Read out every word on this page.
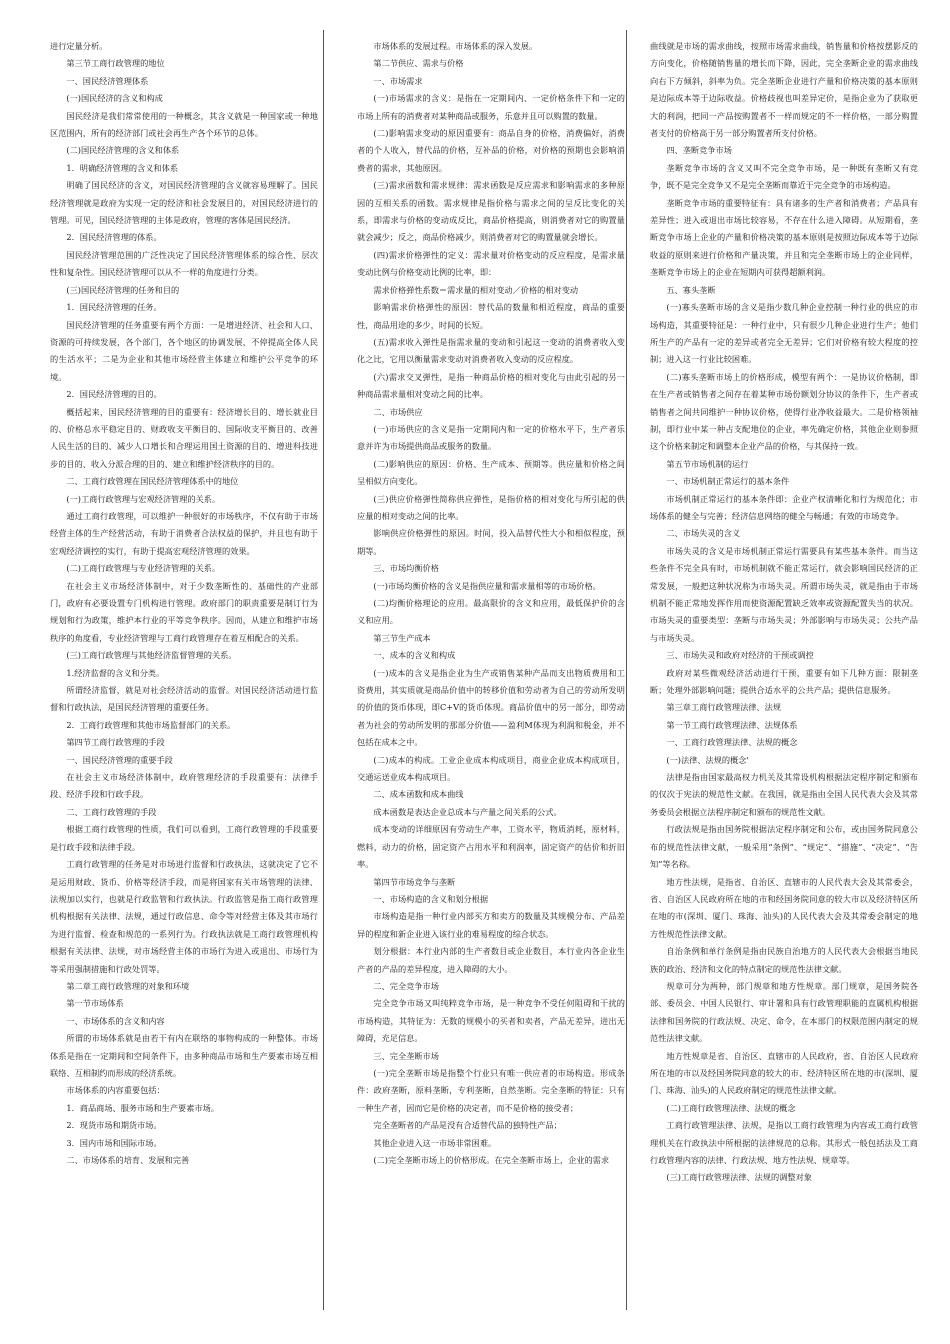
进行定量分析。

第三节工商行政管理的地位

一、国民经济管理体系

(一)国民经济的含义和构成

国民经济是我们常常使用的一种概念，其含义就是一种国家或一种地区范围内，所有的经济部门或社会再生产各个环节的总体。

(二)国民经济管理的含义和体系

1．明确经济管理的含义和体系

明确了国民经济的含义，对国民经济管理的含义就容易理解了。国民经济管理就是政府为实现一定的经济和社会发展目的，对国民经济进行的管理。可见，国民经济管理的主体是政府，管理的客体是国民经济。

2．国民经济管理的体系。

国民经济管理范围的广泛性决定了国民经济管理体系的综合性、层次性和复杂性。国民经济管理可以从不一样的角度进行分类。

(三)国民经济管理的任务和目的

1．国民经济管理的任务。

国民经济管理的任务重要有两个方面：一是增进经济、社会和人口、资源的可持续发展，各个部门，各个地区的协调发展，不停提高全体人民的生活水平；二是为企业和其他市场经营主体建立和维护公平竞争的环境。

2．国民经济管理的目的。

概括起来，国民经济管理的目的重要有：经济增长目的、增长就业目的、价格总水平稳定目的、财政收支平衡目的、国际收支平衡目的、改善人民生活的目的、减少人口增长和合理运用国土资源的目的、增进科技进步的目的、收入分派合理的目的、建立和维护经济秩序的目的。

二、工商行政管理在国民经济管理体系中的地位

(一)工商行政管理与宏观经济管理的关系。

通过工商行政管理，可以维护一种很好的市场秩序，不仅有助于市场经营主体的生产经营活动，有助于消费者合法权益的保护，并且也有助于宏观经济调控的实行，有助于提高宏观经济管理的效果。

(二)工商行政管理与专业经济管理的关系。

在社会主义市场经济体制中，对于少数垄断性的、基础性的产业部门，政府有必要设置专门机构进行管理。政府部门的职责重要是制订行为规划和行为政策，维护本行业的平等竞争秩序。因而，从建立和维护市场秩序的角度看，专业经济管理与工商行政管理存在着互相配合的关系。

(三)工商行政管理与其他经济监督管理的关系。

1.经济监督的含义和分类。

所谓经济监督，就是对社会经济活动的监督。对国民经济活动进行监督和行政执法，是国民经济管理的重要任务。

2．工商行政管理和其他市场监督部门的关系。

第四节工商行政管理的手段

一、国民经济管理的重要手段

在社会主义市场经济体制中，政府管理经济的手段重要有：法律手段、经济手段和行政手段。

二、工商行政管理的手段

根据工商行政管理的性质，我们可以看到，工商行政管理的手段重要是行政手段和法律手段。

工商行政管理的任务是对市场进行监督和行政执法，这就决定了它不是运用财政、货币、价格等经济手段，而是将国家有关市场管理的法律、法规加以实行，也就是行政监管和行政执法。行政监管是指工商行政管理机构根据有关法律、法规，通过行政信息、命令等对经营主体及其市场行为进行监督、检查和规范的一系列行为。行政执法就是工商行政管理机构根据有关法律、法规，对市场经营主体的市场行为进入或退出、市场行为等采用强制措施和行政处罚等。

第二章工商行政管理的对象和环境

第一节市场体系

一、市场体系的含义和内容

所谓的市场体系就是由若干有内在联络的事物构成的一种整体。市场体系是指在一定期间和空间条件下，由多种商品市场和生产要素市场互相联络、互相制约而形成的经济系统。

市场体系的内容重要包括：

1．商品商场、服务市场和生产要素市场。

2．现货市场和期货市场。

3．国内市场和国际市场。

二、市场体系的培育、发展和完善

市场体系的发展过程。市场体系的深入发展。

第二节供应、需求与价格

一、市场需求

(一)市场需求的含义：是指在一定期间内、一定价格条件下和一定的市场上所有的消费者对某种商品或服务，乐意并且可以购置的数量。

(二)影响需求变动的原因重要有：商品自身的价格，消费偏好，消费者的个人收入，替代品的价格，互补品的价格，对价格的预期也会影响消费者的需求，其他原因。

(三)需求函数和需求规律：需求函数是反应需求和影响需求的多种原因的互相关系的函数。需求规律是指价格与需求之间的呈反比变化的关系，即需求与价格的变动成反比，商品价格提高，则消费者对它的购置量就会减少；反之，商品价格减少，则消费者对它的购置量就会增长。

(四)需求价格弹性的定义：需求量对价格变动的反应程度，是需求量变动比例与价格变动比例的比率，即：

需求价格弹性系数＝需求量的相对变动／价格的相对变动

影响需求价格弹性的原因：替代品的数量和相近程度，商品的重要性，商品用途的多少，时间的长短。

(五)需求收入弹性是指需求量的变动和引起这一变动的消费者收入变化之比，它用以衡量需求变动对消费者收入变动的反应程度。

(六)需求交叉弹性，是指一种商品价格的相对变化与由此引起的另一种商品需求量相对变动之间的比率。

二、市场供应

(一)市场供应的含义是指一定期间内和一定的价格水平下，生产者乐意并许为市场提供商品或服务的数量。

(二)影响供应的原因：价格、生产成本、预期等。供应量和价格之间呈相似方向变化。

(三)供应价格弹性简称供应弹性，是指价格的相对变化与所引起的供应量的相对变动之间的比率。

影响供应价格弹性的原因。时间，投入品替代性大小和相似程度，预期等。

三、市场均衡价格

(一)市场均衡价格的含义是指供应量和需求量相等的市场价格。

(二)均衡价格理论的应用。最高限价的含义和应用，最低保护价的含义和应用。

第三节生产成本

一、成本的含义和构成

(一)成本的含义是指企业为生产或销售某种产品而支出物质费用和工资费用，其实质就是商品价值中的转移价值和劳动者为自己的劳动所发明的价值的货币体现，即C+V的货币体现。商品价值中的另一部分，即劳动者为社会的劳动所发明的那部分价值——盈利M体现为利润和税金，并不包括在成本之中。

(二)成本的构成。工业企业成本构成项目，商业企业成本构成项目，交通运送业成本构成项目。

二、成本函数和成本曲线

成本函数是表达企业总成本与产量之间关系的公式。

成本变动的详细原因有劳动生产率，工资水平，物质消耗，原材料，燃料，动力的价格，固定资产占用水平和利润率，固定资产的估价和折旧率。

第四节市场竞争与垄断

一、市场构造的含义和划分根据

市场构造是指一种行业内部买方和卖方的数量及其规模分布、产品差异的程度和新企业进入该行业的难易程度的综合状态。

划分根据：本行业内部的生产者数目或企业数目，本行业内各企业生产者的产品的差异程度，进入障碍的大小。

二、完全竞争市场

完全竞争市场又叫纯粹竞争市场，是一种竞争不受任何阻碍和干扰的市场构造，其特征为：无数的规模小的买者和卖者，产品无差异，进出无障碍，充足信息。

三、完全垄断市场

(一)完全垄断市场是指整个行业只有唯一供应者的市场构造。形成条件：政府垄断，原料垄断，专利垄断，自然垄断。完全垄断的特征：只有一种生产者，因而它是价格的决定者，而不是价格的接受者；

完全垄断者的产品是没有合适替代品的独特性产品；

其他企业进入这一市场非常困难。

(二)完全垄断市场上的价格形成。在完全垄断市场上，企业的需求

曲线就是市场的需求曲线，按照市场需求曲线，销售量和价格按摆影反的方向变化，价格随销售量的增长而下降，因此，完全垄断企业的需求曲线向右下方倾斜，斜率为负。完全垄断企业进行产量和价格决策的基本原则是边际成本等于边际收益。价格歧视也叫差异定价，是指企业为了获取更大的利润，把同一产品按购置者不一样而规定的不一样价格，一部分购置者支付的价格高于另一部分购置者所支付价格。

四、垄断竞争市场

垄断竞争市场的含义又叫不完全竞争市场，是一种既有垄断又有竞争，既不是完全竞争又不是完全垄断而靠近于完全竞争的市场构造。

垄断竞争市场的重要特征有：具有诸多的生产者和消费者；产品具有差异性；进入或退出市场比较容易，不存在什么进入障碍。从短期看，垄断竞争市场上企业的产量和价格决策的基本原则是按照边际成本等于边际收益的原则来进行价格和产量决策，并且和完全垄断市场上的企业同样，垄断竞争市场上的企业在短期内可获得超额利润。

五、寡头垄断

(一)寡头垄断市场的含义是指少数几种企业控制一种行业的供应的市场构造，其重要特征是：一种行业中，只有很少几种企业进行生产；他们所生产的产品有一定的差异或者完全无差异；它们对价格有较大程度的控制；进入这一行业比较困难。

(二)寡头垄断市场上的价格形成，模型有两个：一是协议价格制，即在生产者或销售者之间存在着某种市场份额划分协议的条件下，生产者或销售者之间共同维护一种协议价格，使得行业净收益最大。二是价格领袖制，即行业中某一种占支配地位的企业，率先确定价格，其他企业则参照这个价格来制定和调整本企业产品的价格，与其保持一致。

第五节市场机制的运行

一、市场机制正常运行的基本条件

市场机制正常运行的基本条件即：企业产权清晰化和行为规范化；市场体系的健全与完善；经济信息网络的健全与畅通；有效的市场竞争。

二、市场失灵的含义

市场失灵的含义是市场机制正常运行需要具有某些基本条件。而当这些条件不完全具有时，市场机制就不能正常运行，就会影响国民经济的正常发展，一般把这种状况称为市场失灵。所谓市场失灵，就是指由于市场机制不能正常地发挥作用而使资源配置缺乏效率或资源配置失当的状况。市场失灵的重要类型：垄断与市场失灵；外部影响与市场失灵；公共产品与市场失灵。

三、市场失灵和政府对经济的干预或调控

政府对某些微观经济活动进行干预，重要有如下几种方面：限制垄断；处理外部影响问题；提供合适水平的公共产品；提供信息服务。

第三章工商行政管理法律、法规

第一节工商行政管理法律、法规体系

一、工商行政管理法律、法规的概念

(一)法律、法规的概念'

法律是指由国家最高权力机关及其常设机构根据法定程序制定和颁布的仅次于宪法的规范性文献。在我国，就是指由全国人民代表大会及其常务委员会根据立法程序制定和颁布的规范性文献。

行政法规是指由国务院根据法定程序制定和公布，或由国务院同意公布的规范性法律文献，一般采用“条例”、“规定”、“措施”、“决定”、“告知”等名称。

地方性法规，是指省、自治区、直辖市的人民代表大会及其常委会，省、自治区人民政府所在地的市和经国务院同意的较大市以及经济特区所在地的市(深圳、厦门、珠海、汕头)的人民代表大会及其常委会制定的地方性规范性法律文献。

自治条例和单行条例是指由民族自治地方的人民代表大会根据当地民族的政治、经济和文化的特点制定的规范性法律文献。

规章可分为两种，部门规章和地方性规章。部门规章，是国务院各部、委员会、中国人民银行、审计署和具有行政管理职能的直属机构根据法律和国务院的行政法规、决定、命令，在本部门的权限范围内制定的规范性法律文献。

地方性规章是省、自治区、直辖市的人民政府，省、自治区人民政府所在地的市以及经国务院同意的较大的市、经济特区所在地的市(深圳、厦门、珠海、汕头)的人民政府制定的规范性法律文献。

(二)工商行政管理法律、法规的概念

工商行政管理法律、法规，是指以工商行政管理为内容或工商行政管理机关在行政执法中所根据的法律规范的总称。其形式一般包括法及工商行政管理内容的法律、行政法规、地方性法规、规章等。

(三)工商行政管理法律、法规的调整对象
